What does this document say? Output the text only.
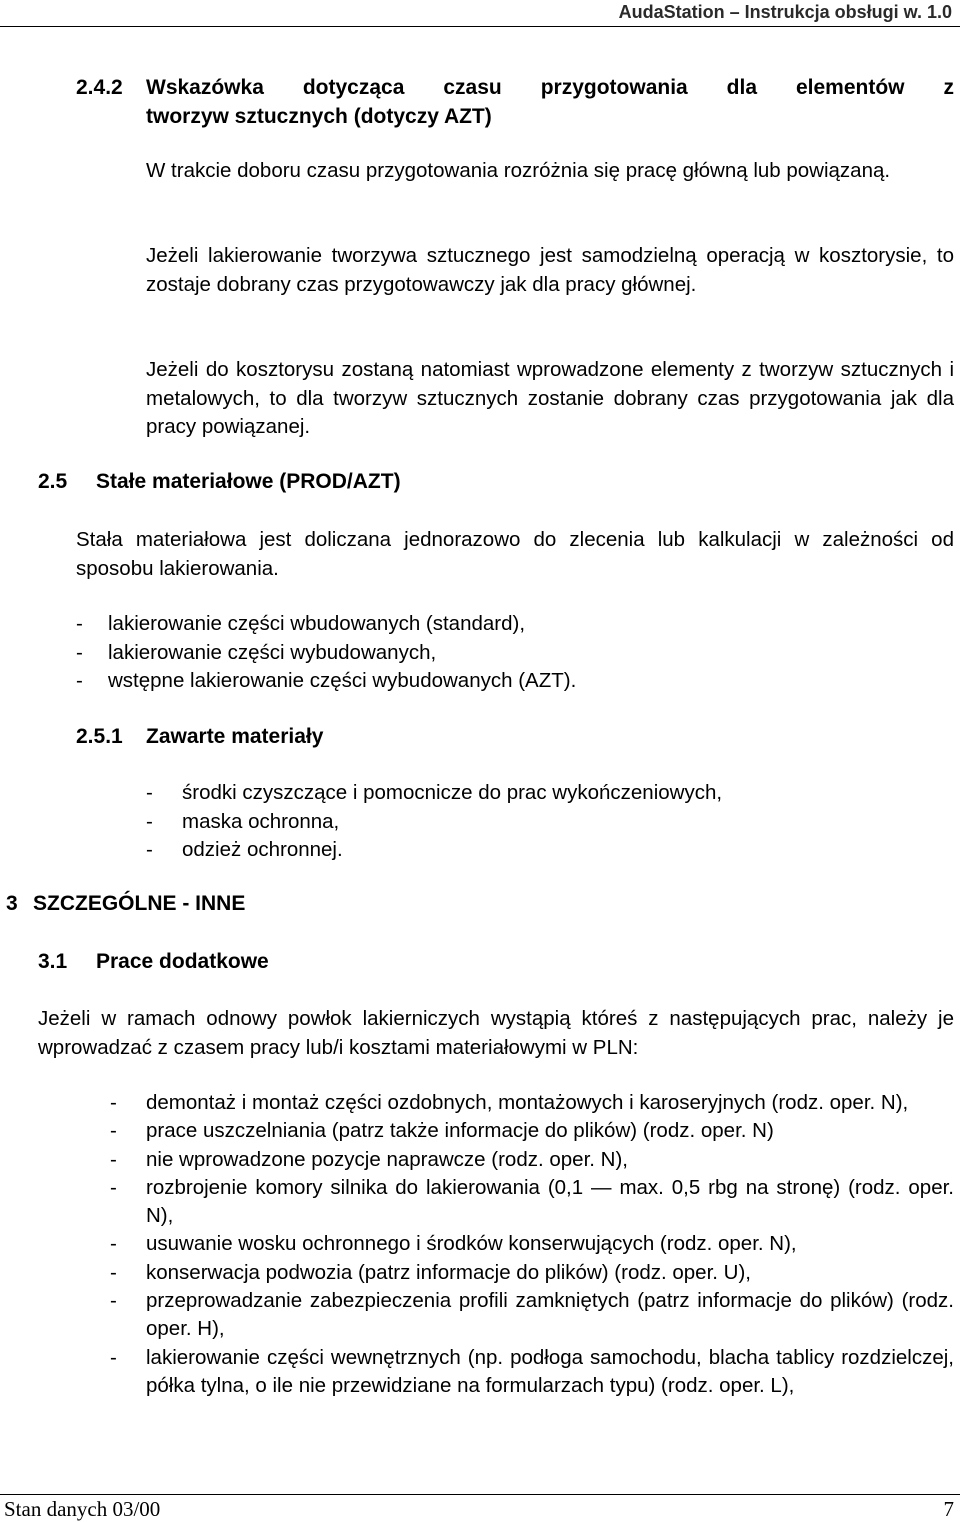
AudaStation – Instrukcja obsługi w. 1.0
2.4.2	Wskazówka dotycząca czasu przygotowania dla elementów z
tworzyw sztucznych (dotyczy AZT)

W trakcie doboru czasu przygotowania rozróżnia się pracę główną lub powiązaną.

Jeżeli lakierowanie tworzywa sztucznego jest samodzielną operacją w kosztorysie, to zostaje dobrany czas przygotowawczy jak dla pracy głównej.

Jeżeli do kosztorysu zostaną natomiast wprowadzone elementy z tworzyw sztucznych i metalowych, to dla tworzyw sztucznych zostanie dobrany czas przygotowania jak dla pracy powiązanej.

2.5 Stałe materiałowe (PROD/AZT)

Stała materiałowa jest doliczana jednorazowo do zlecenia lub kalkulacji w zależności od sposobu lakierowania.

- lakierowanie części wbudowanych (standard),
- lakierowanie części wybudowanych,
- wstępne lakierowanie części wybudowanych (AZT).
2.5.1 Zawarte materiały
- środki czyszczące i pomocnicze do prac wykończeniowych,
- maska ochronna,
- odzież ochronnej.
3 SZCZEGÓLNE - INNE
3.1 Prace dodatkowe

Jeżeli w ramach odnowy powłok lakierniczych wystąpią któreś z następujących prac, należy je wprowadzać z czasem pracy lub/i kosztami materiałowymi w PLN:

- demontaż i montaż części ozdobnych, montażowych i karoseryjnych (rodz. oper. N),
- prace uszczelniania (patrz także informacje do plików) (rodz. oper. N)
- nie wprowadzone pozycje naprawcze (rodz. oper. N),
- rozbrojenie komory silnika do lakierowania (0,1 — max. 0,5 rbg na stronę) (rodz. oper. N),
- usuwanie wosku ochronnego i środków konserwujących (rodz. oper. N),
- konserwacja podwozia (patrz informacje do plików) (rodz. oper. U),
- przeprowadzanie zabezpieczenia profili zamkniętych (patrz informacje do plików) (rodz. oper. H),
- lakierowanie części wewnętrznych (np. podłoga samochodu, blacha tablicy rozdzielczej, półka tylna, o ile nie przewidziane na formularzach typu) (rodz. oper. L),
Stan danych 03/00	7
